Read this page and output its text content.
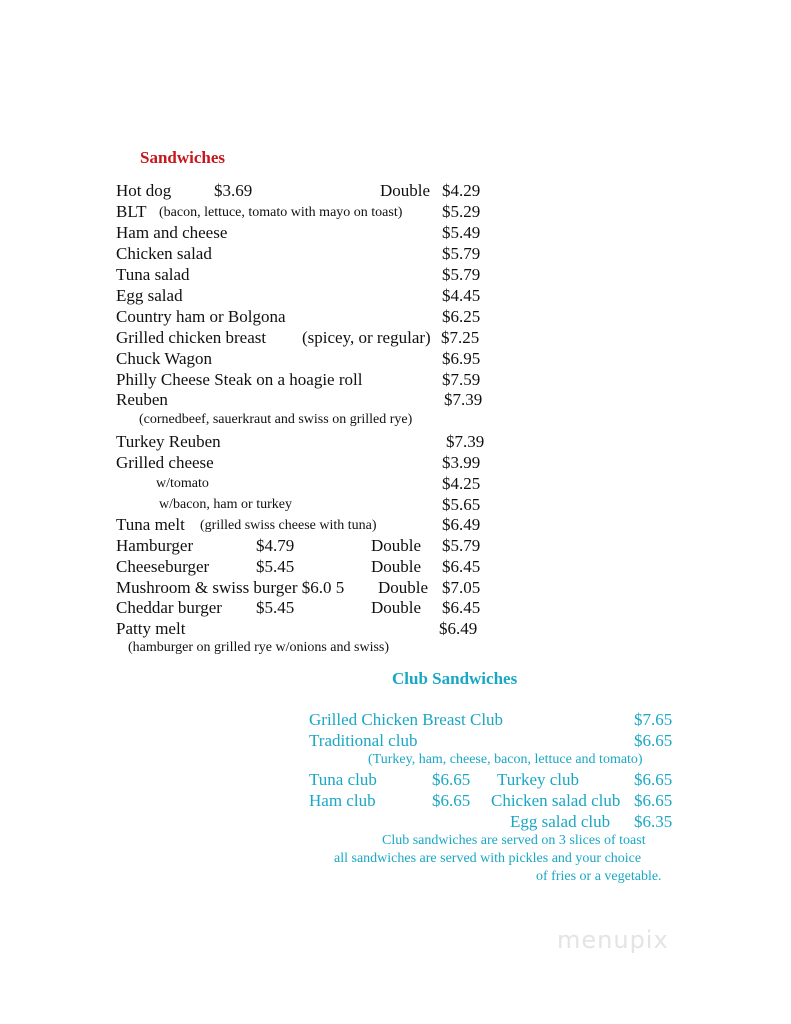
Sandwiches
Hot dog	$3.69	Double $4.29
BLT (bacon, lettuce, tomato with mayo on toast) $5.29
Ham and cheese	$5.49
Chicken salad	$5.79
Tuna salad	$5.79
Egg salad	$4.45
Country ham or Bolgona	$6.25
Grilled chicken breast (spicey, or regular) $7.25
Chuck Wagon	$6.95
Philly Cheese Steak on a hoagie roll	$7.59
Reuben	$7.39
(cornedbeef, sauerkraut and swiss on grilled rye)
Turkey Reuben	$7.39
Grilled cheese	$3.99
w/tomato	$4.25
w/bacon, ham or turkey	$5.65
Tuna melt (grilled swiss cheese with tuna)	$6.49
Hamburger	$4.79	Double $5.79
Cheeseburger	$5.45	Double $6.45
Mushroom & swiss burger $6.0 5 Double $7.05
Cheddar burger $5.45	Double $6.45
Patty melt	$6.49
(hamburger on grilled rye w/onions and swiss)
Club Sandwiches
Grilled Chicken Breast Club	$7.65
Traditional club	$6.65
(Turkey, ham, cheese, bacon, lettuce and tomato)
Tuna club	$6.65 Turkey club	$6.65
Ham club	$6.65 Chicken salad club $6.65
Egg salad club $6.35
Club sandwiches are served on 3 slices of toast
all sandwiches are served with pickles and your choice
of fries or a vegetable.
menupix
